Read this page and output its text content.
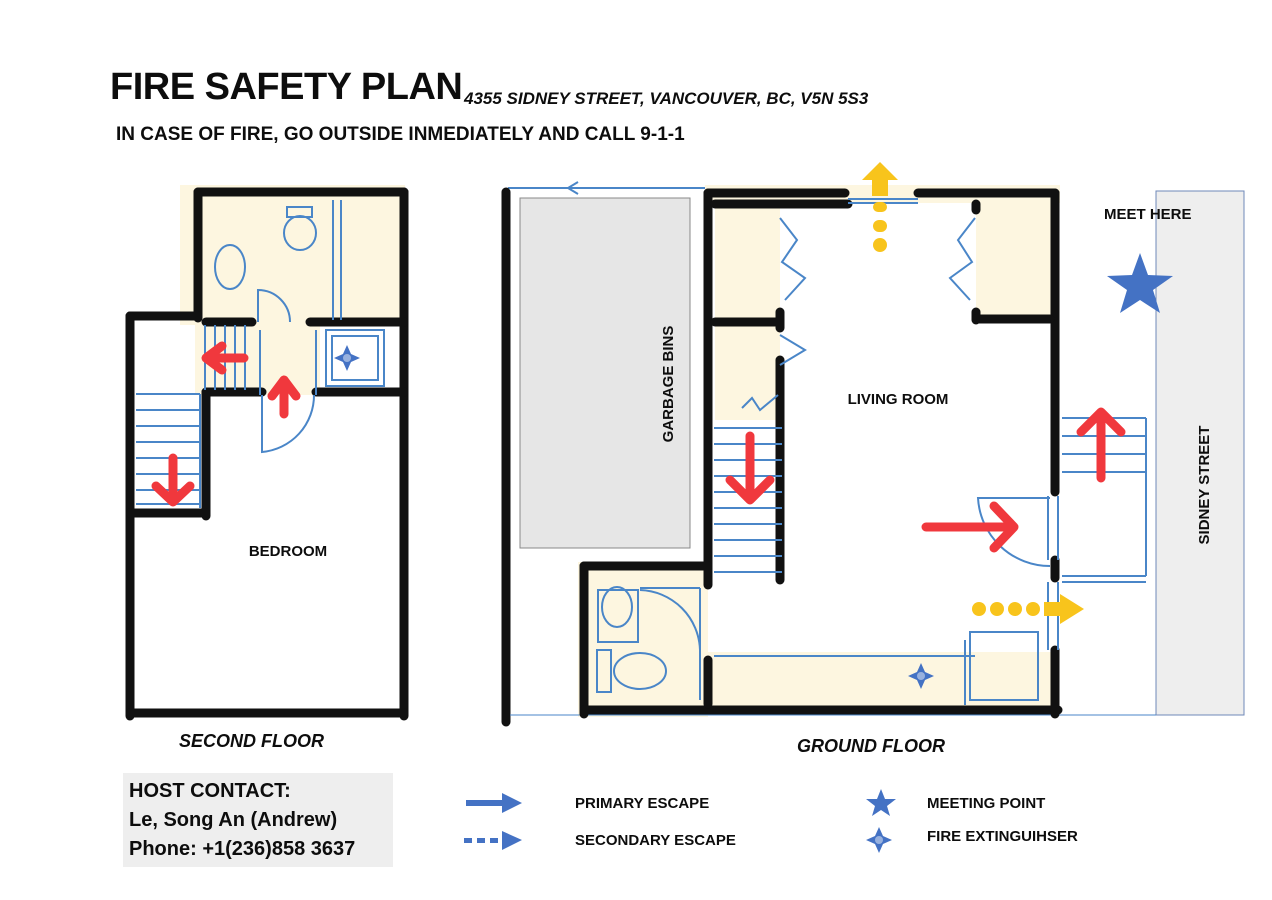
FIRE SAFETY PLAN 4355 SIDNEY STREET, VANCOUVER, BC, V5N 5S3
IN CASE OF FIRE, GO OUTSIDE INMEDIATELY AND CALL 9-1-1
BEDROOM
GARBAGE BINS
SIDNEY STREET
LIVING ROOM
MEET HERE
SECOND FLOOR	GROUND FLOOR
HOST CONTACT:
Le, Song An (Andrew)
Phone: +1(236)858 3637
PRIMARY ESCAPE
SECONDARY ESCAPE
MEETING POINT
FIRE EXTINGUIHSER
